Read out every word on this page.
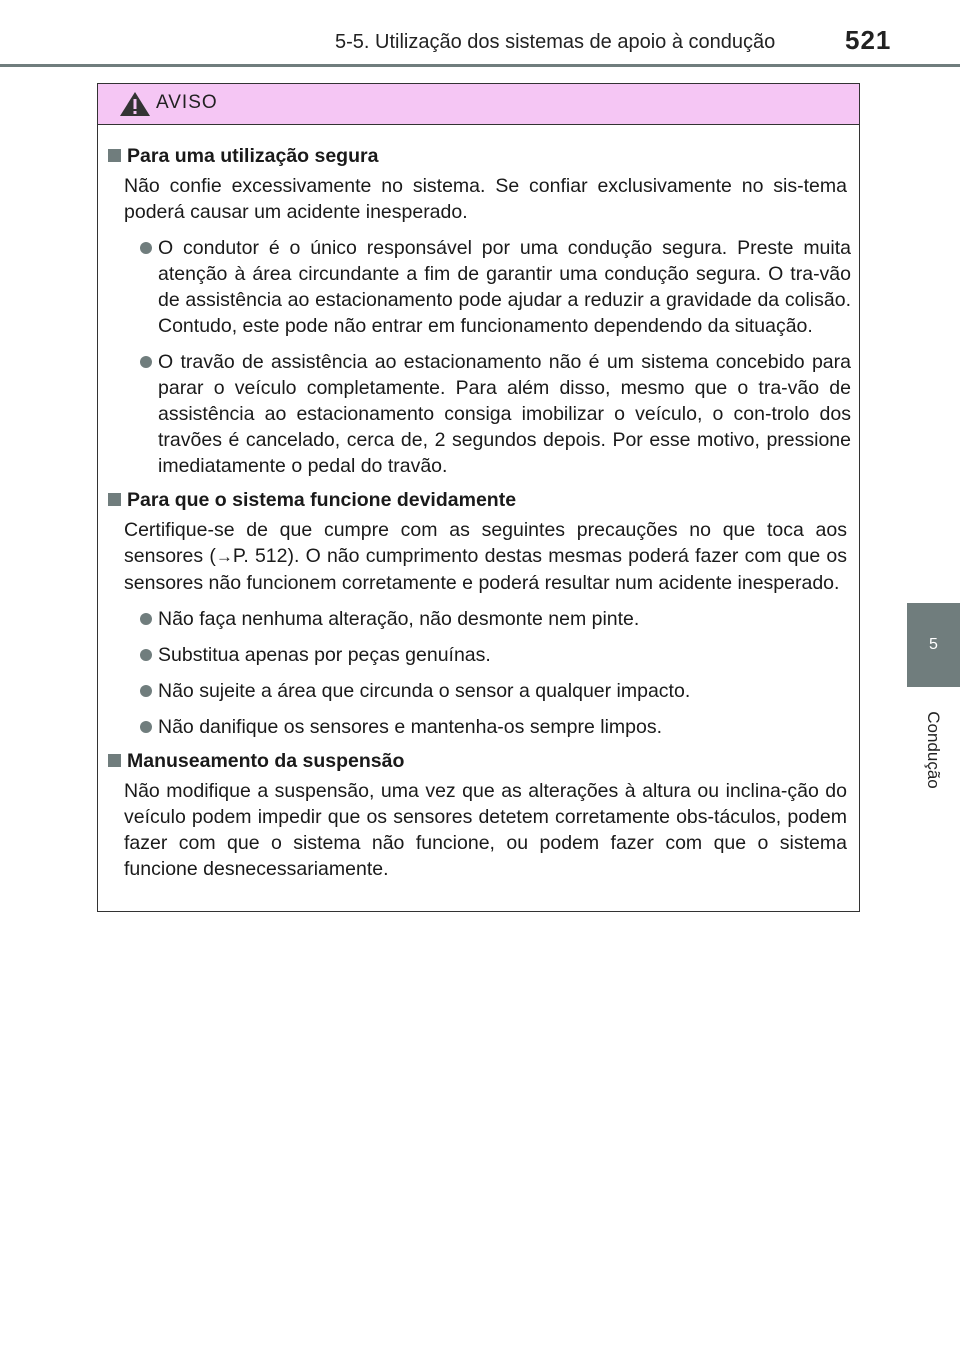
5-5. Utilização dos sistemas de apoio à condução	521
5
Condução
AVISO
Para uma utilização segura
Não confie excessivamente no sistema. Se confiar exclusivamente no sis-tema poderá causar um acidente inesperado.
O condutor é o único responsável por uma condução segura. Preste muita atenção à área circundante a fim de garantir uma condução segura. O tra-vão de assistência ao estacionamento pode ajudar a reduzir a gravidade da colisão. Contudo, este pode não entrar em funcionamento dependendo da situação.
O travão de assistência ao estacionamento não é um sistema concebido para parar o veículo completamente. Para além disso, mesmo que o tra-vão de assistência ao estacionamento consiga imobilizar o veículo, o con-trolo dos travões é cancelado, cerca de, 2 segundos depois. Por esse motivo, pressione imediatamente o pedal do travão.
Para que o sistema funcione devidamente
Certifique-se de que cumpre com as seguintes precauções no que toca aos sensores (→P. 512). O não cumprimento destas mesmas poderá fazer com que os sensores não funcionem corretamente e poderá resultar num acidente inesperado.
Não faça nenhuma alteração, não desmonte nem pinte.
Substitua apenas por peças genuínas.
Não sujeite a área que circunda o sensor a qualquer impacto.
Não danifique os sensores e mantenha-os sempre limpos.
Manuseamento da suspensão
Não modifique a suspensão, uma vez que as alterações à altura ou inclina-ção do veículo podem impedir que os sensores detetem corretamente obs-táculos, podem fazer com que o sistema não funcione, ou podem fazer com que o sistema funcione desnecessariamente.
